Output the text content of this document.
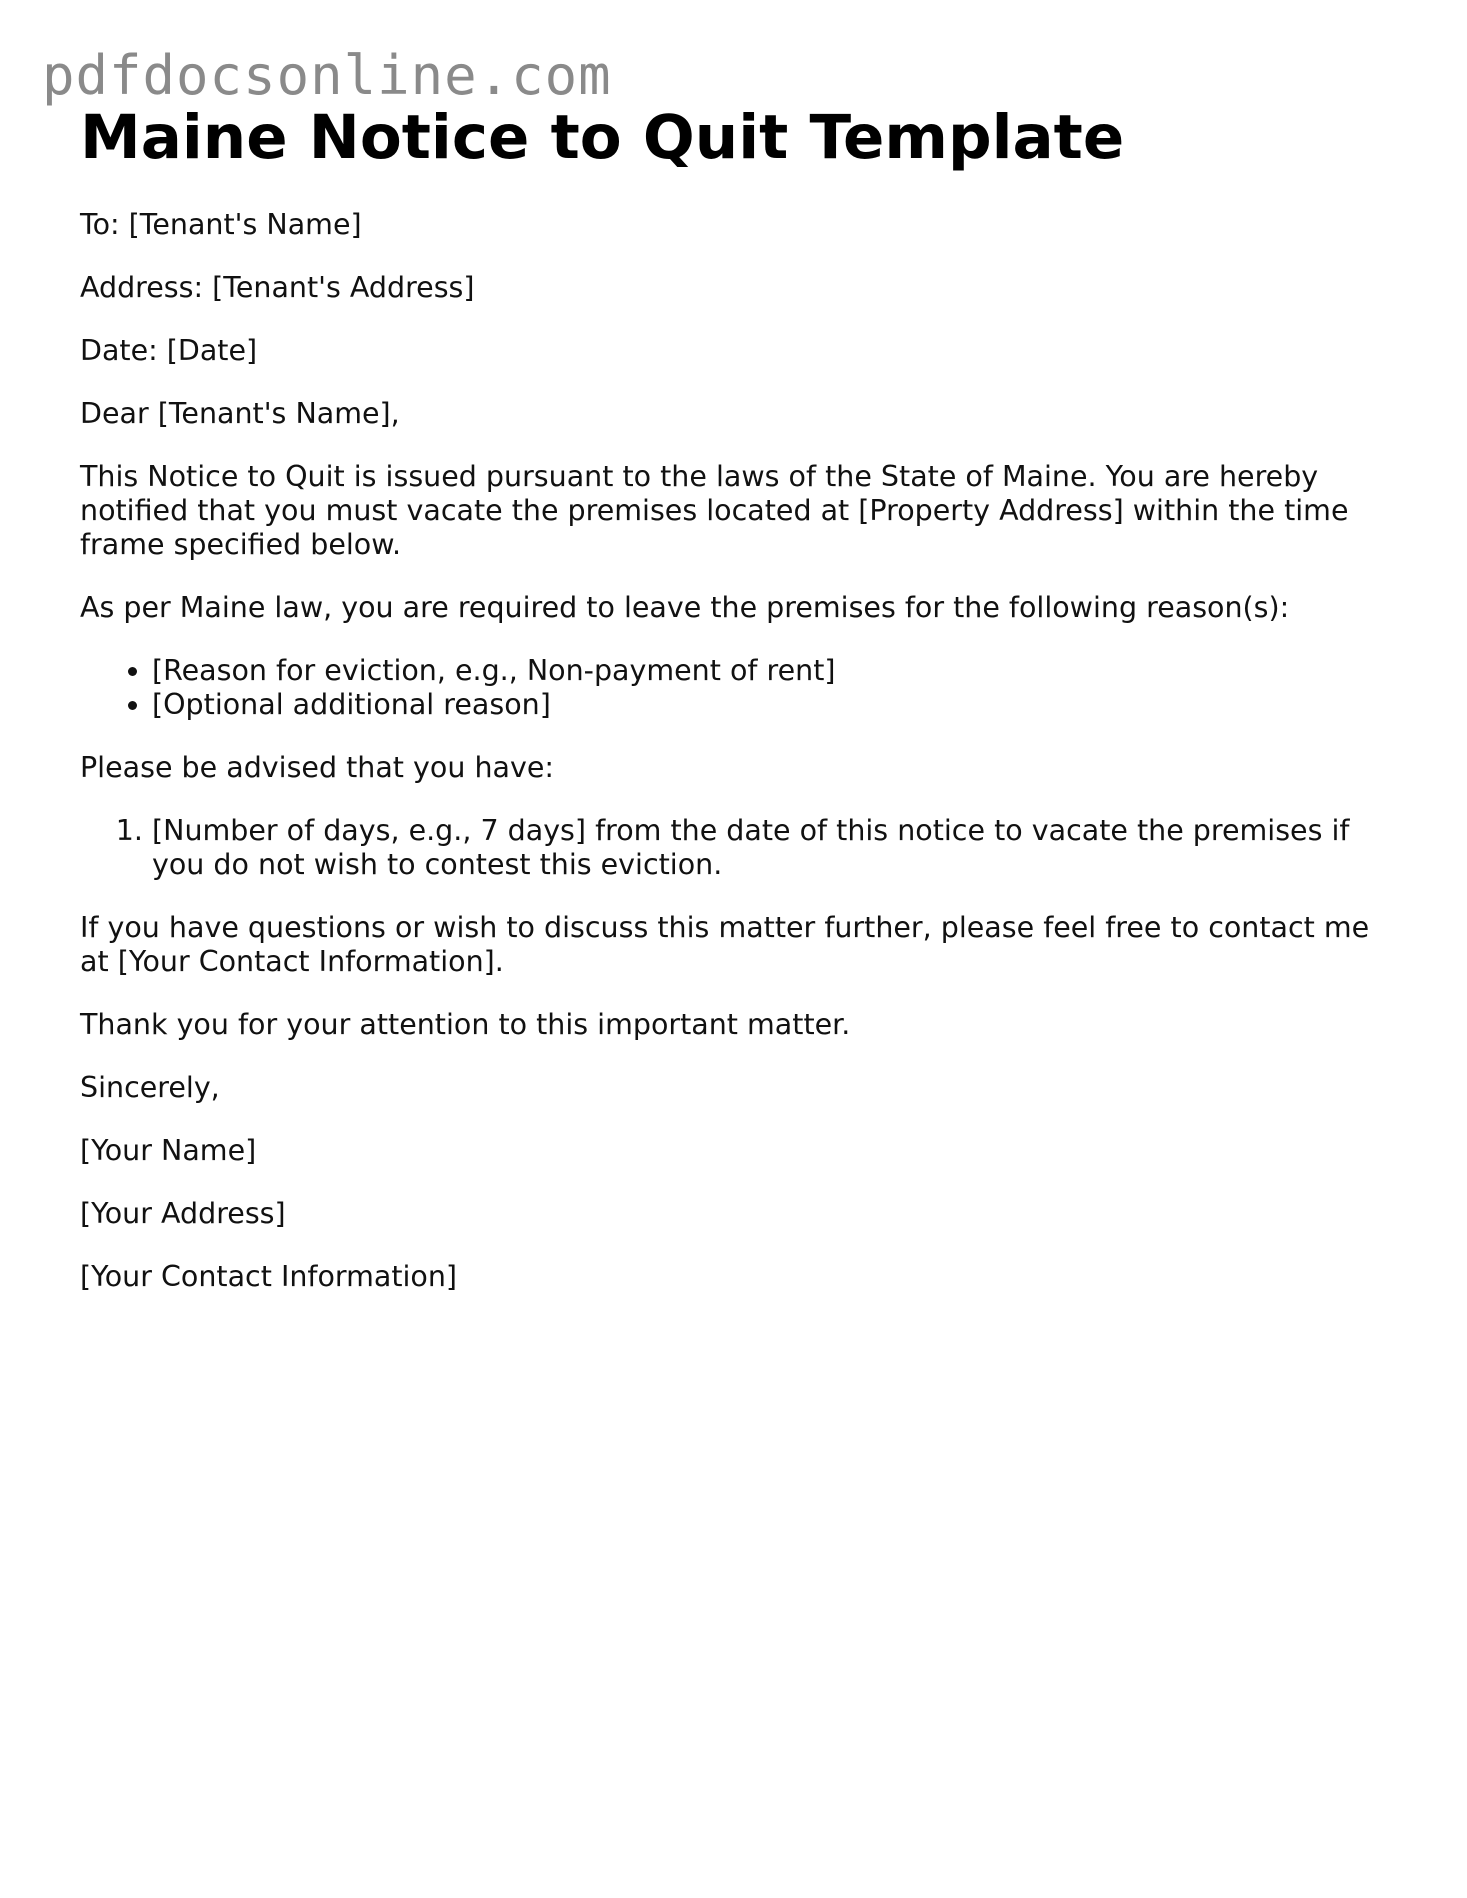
pdfdocsonline.com
Maine Notice to Quit Template

To: [Tenant's Name]

Address: [Tenant's Address]

Date: [Date]

Dear [Tenant's Name],

This Notice to Quit is issued pursuant to the laws of the State of Maine. You are hereby notified that you must vacate the premises located at [Property Address] within the time frame specified below.

As per Maine law, you are required to leave the premises for the following reason(s):

• [Reason for eviction, e.g., Non-payment of rent]
• [Optional additional reason]

Please be advised that you have:

1. [Number of days, e.g., 7 days] from the date of this notice to vacate the premises if you do not wish to contest this eviction.

If you have questions or wish to discuss this matter further, please feel free to contact me at [Your Contact Information].

Thank you for your attention to this important matter.

Sincerely,

[Your Name]

[Your Address]

[Your Contact Information]
